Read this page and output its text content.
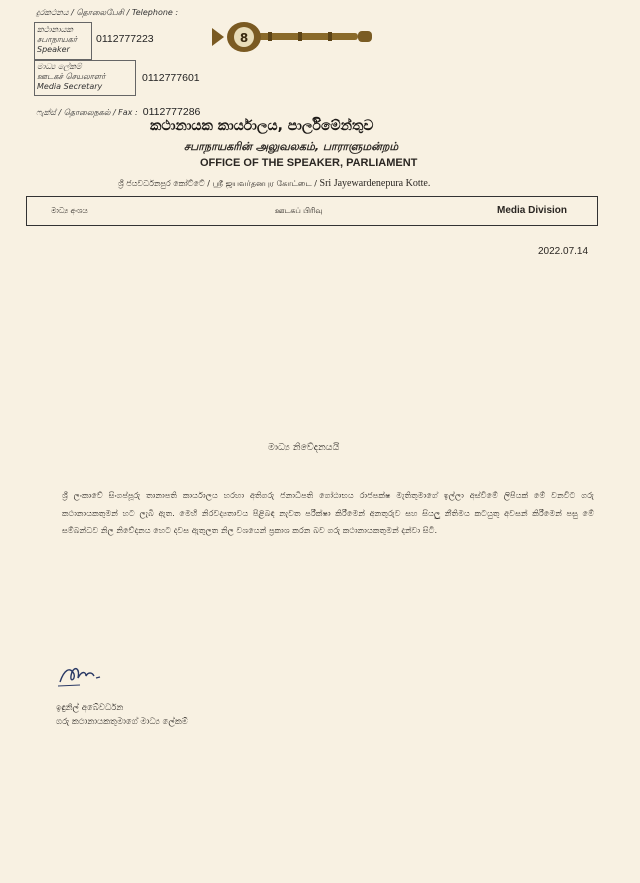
දුරකථනය / தொலைபேசி / Telephone :
කථානායක
சபாநாயகர்
Speaker
0112777223
මාධ්‍ය ලේකම්
ஊடகச் செயலாளர்
Media Secretary
0112777601
ෆැක්ස් / தொலைநகல் / Fax : 0112777286
8
කථානායක කාර්යාලය, පාර්ලිමේන්තුව
சபாநாயகரின் அலுவலகம், பாராளுமன்றம்
OFFICE OF THE SPEAKER, PARLIAMENT
ශ්‍රී ජයවර්ධනපුර කෝට්ටේ / ஸ்ரீ ஜயவர்தனபுர கோட்டை / Sri Jayewardenepura Kotte.
මාධ්‍ය අංශය	ஊடகப் பிரிவு	Media Division
2022.07.14
මාධ්‍ය නිවේදනයයි
ශ්‍රී ලංකාවේ සිංගප්පූරු තානාපති කාර්යාලය හරහා අතිගරු ජනාධිපති ගෝඨාභය රාජපක්ෂ මැතිතුමාගේ ඉල්ලා අස්වීමේ ලිපියක් මේ වනවිට ගරු කථානායකතුමන් හට ලැබී ඇත. මෙහි නිරවද්‍යතාවය පිළිබඳ නැවත පරීක්ෂා කිරීමෙන් අනතුරුව සහ සියලු නීතිමය කටයුතු අවසන් කිරීමෙන් පසු මේ සම්බන්ධව නිල නිවේදනය හෙට දවස ඇතුලත නිල වශයෙන් ප්‍රකාශ කරන බව ගරු කථානායකතුමන් දන්වා සිටී.
ඉඳුනිල් අබේවර්ධන
ගරු කථානායකතුමාගේ මාධ්‍ය ලේකම්
